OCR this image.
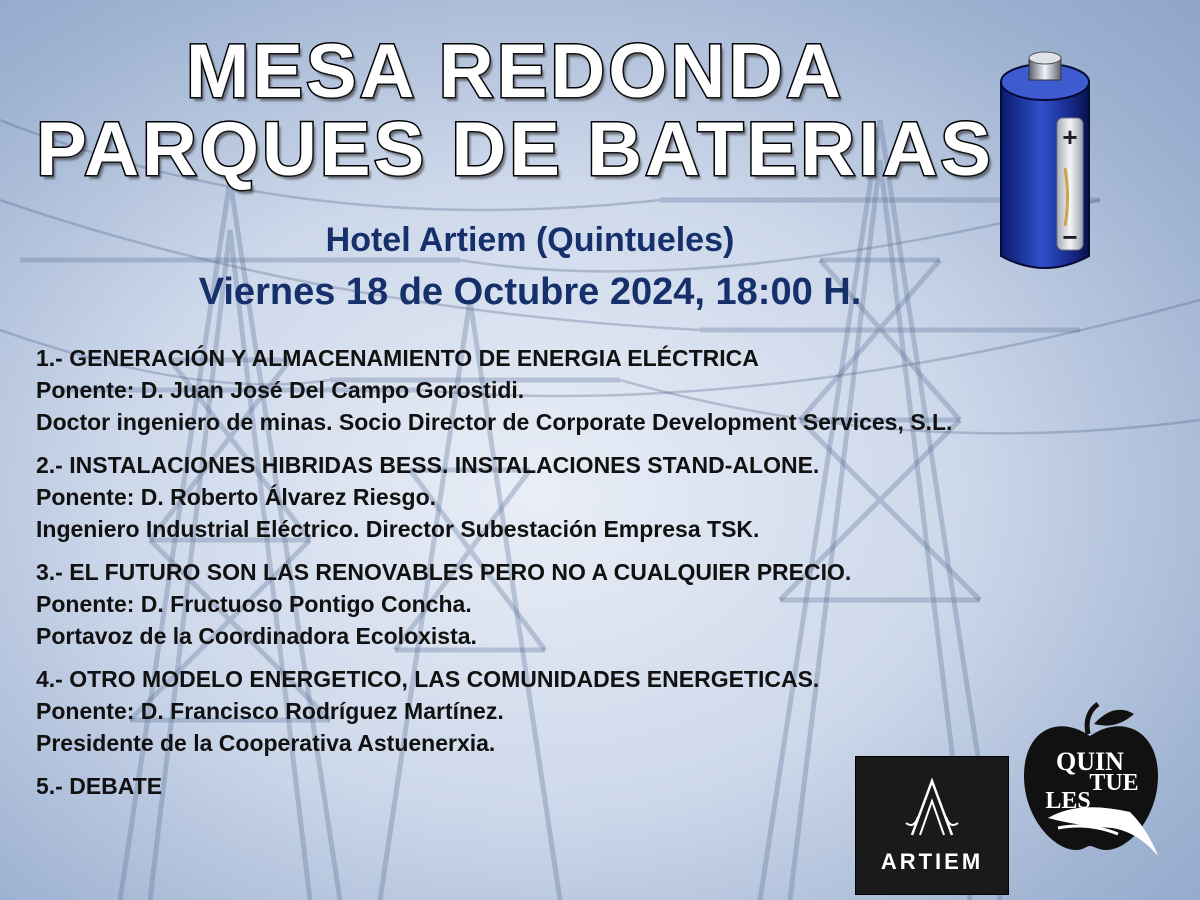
MESA REDONDA
PARQUES DE BATERIAS	+
−
Hotel Artiem (Quintueles)
Viernes 18 de Octubre 2024, 18:00 H.
1.- GENERACIÓN Y ALMACENAMIENTO DE ENERGIA ELÉCTRICA
Ponente: D. Juan José Del Campo Gorostidi.
Doctor ingeniero de minas. Socio Director de Corporate Development Services, S.L.
2.- INSTALACIONES HIBRIDAS BESS. INSTALACIONES STAND-ALONE.
Ponente: D. Roberto Álvarez Riesgo.
Ingeniero Industrial Eléctrico. Director Subestación Empresa TSK.
3.- EL FUTURO SON LAS RENOVABLES PERO NO A CUALQUIER PRECIO.
Ponente: D. Fructuoso Pontigo Concha.
Portavoz de la Coordinadora Ecoloxista.
4.- OTRO MODELO ENERGETICO, LAS COMUNIDADES ENERGETICAS.
Ponente: D. Francisco Rodríguez Martínez.
Presidente de la Cooperativa Astuenerxia.
5.- DEBATE
ARTIEM
QUIN
TUE
LES
